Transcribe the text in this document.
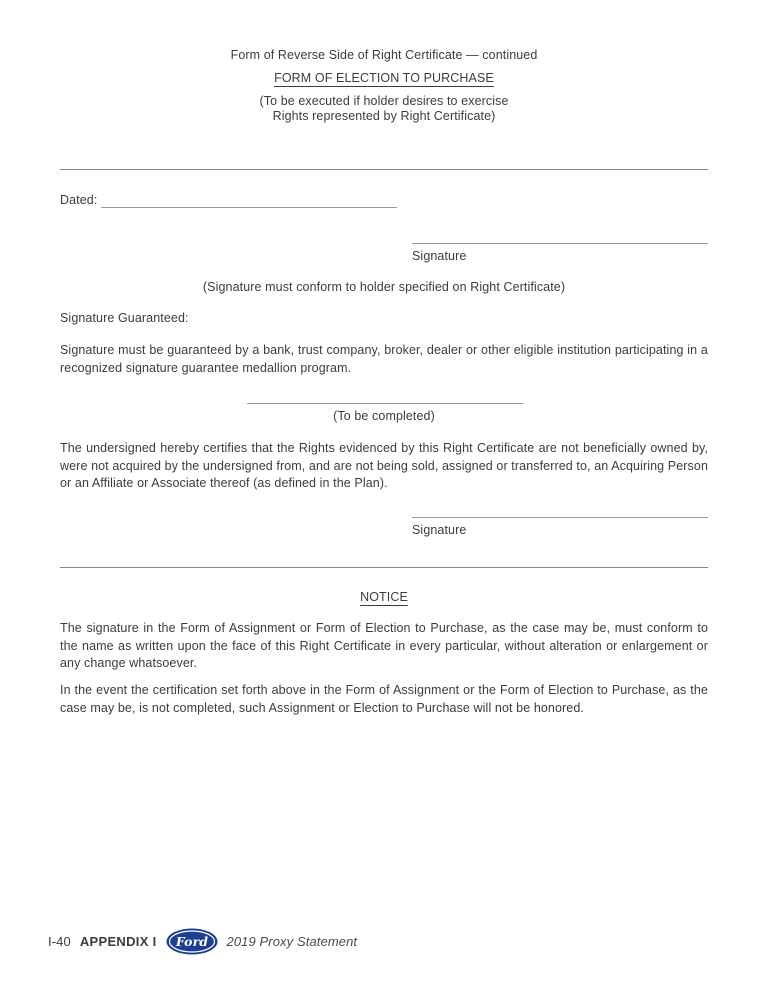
Form of Reverse Side of Right Certificate — continued
FORM OF ELECTION TO PURCHASE
(To be executed if holder desires to exercise
Rights represented by Right Certificate)
Dated:
Signature
(Signature must conform to holder specified on Right Certificate)
Signature Guaranteed:
Signature must be guaranteed by a bank, trust company, broker, dealer or other eligible institution participating in a recognized signature guarantee medallion program.
(To be completed)
The undersigned hereby certifies that the Rights evidenced by this Right Certificate are not beneficially owned by, were not acquired by the undersigned from, and are not being sold, assigned or transferred to, an Acquiring Person or an Affiliate or Associate thereof (as defined in the Plan).
Signature
NOTICE
The signature in the Form of Assignment or Form of Election to Purchase, as the case may be, must conform to the name as written upon the face of this Right Certificate in every particular, without alteration or enlargement or any change whatsoever.
In the event the certification set forth above in the Form of Assignment or the Form of Election to Purchase, as the case may be, is not completed, such Assignment or Election to Purchase will not be honored.
I-40 APPENDIX I Ford 2019 Proxy Statement
